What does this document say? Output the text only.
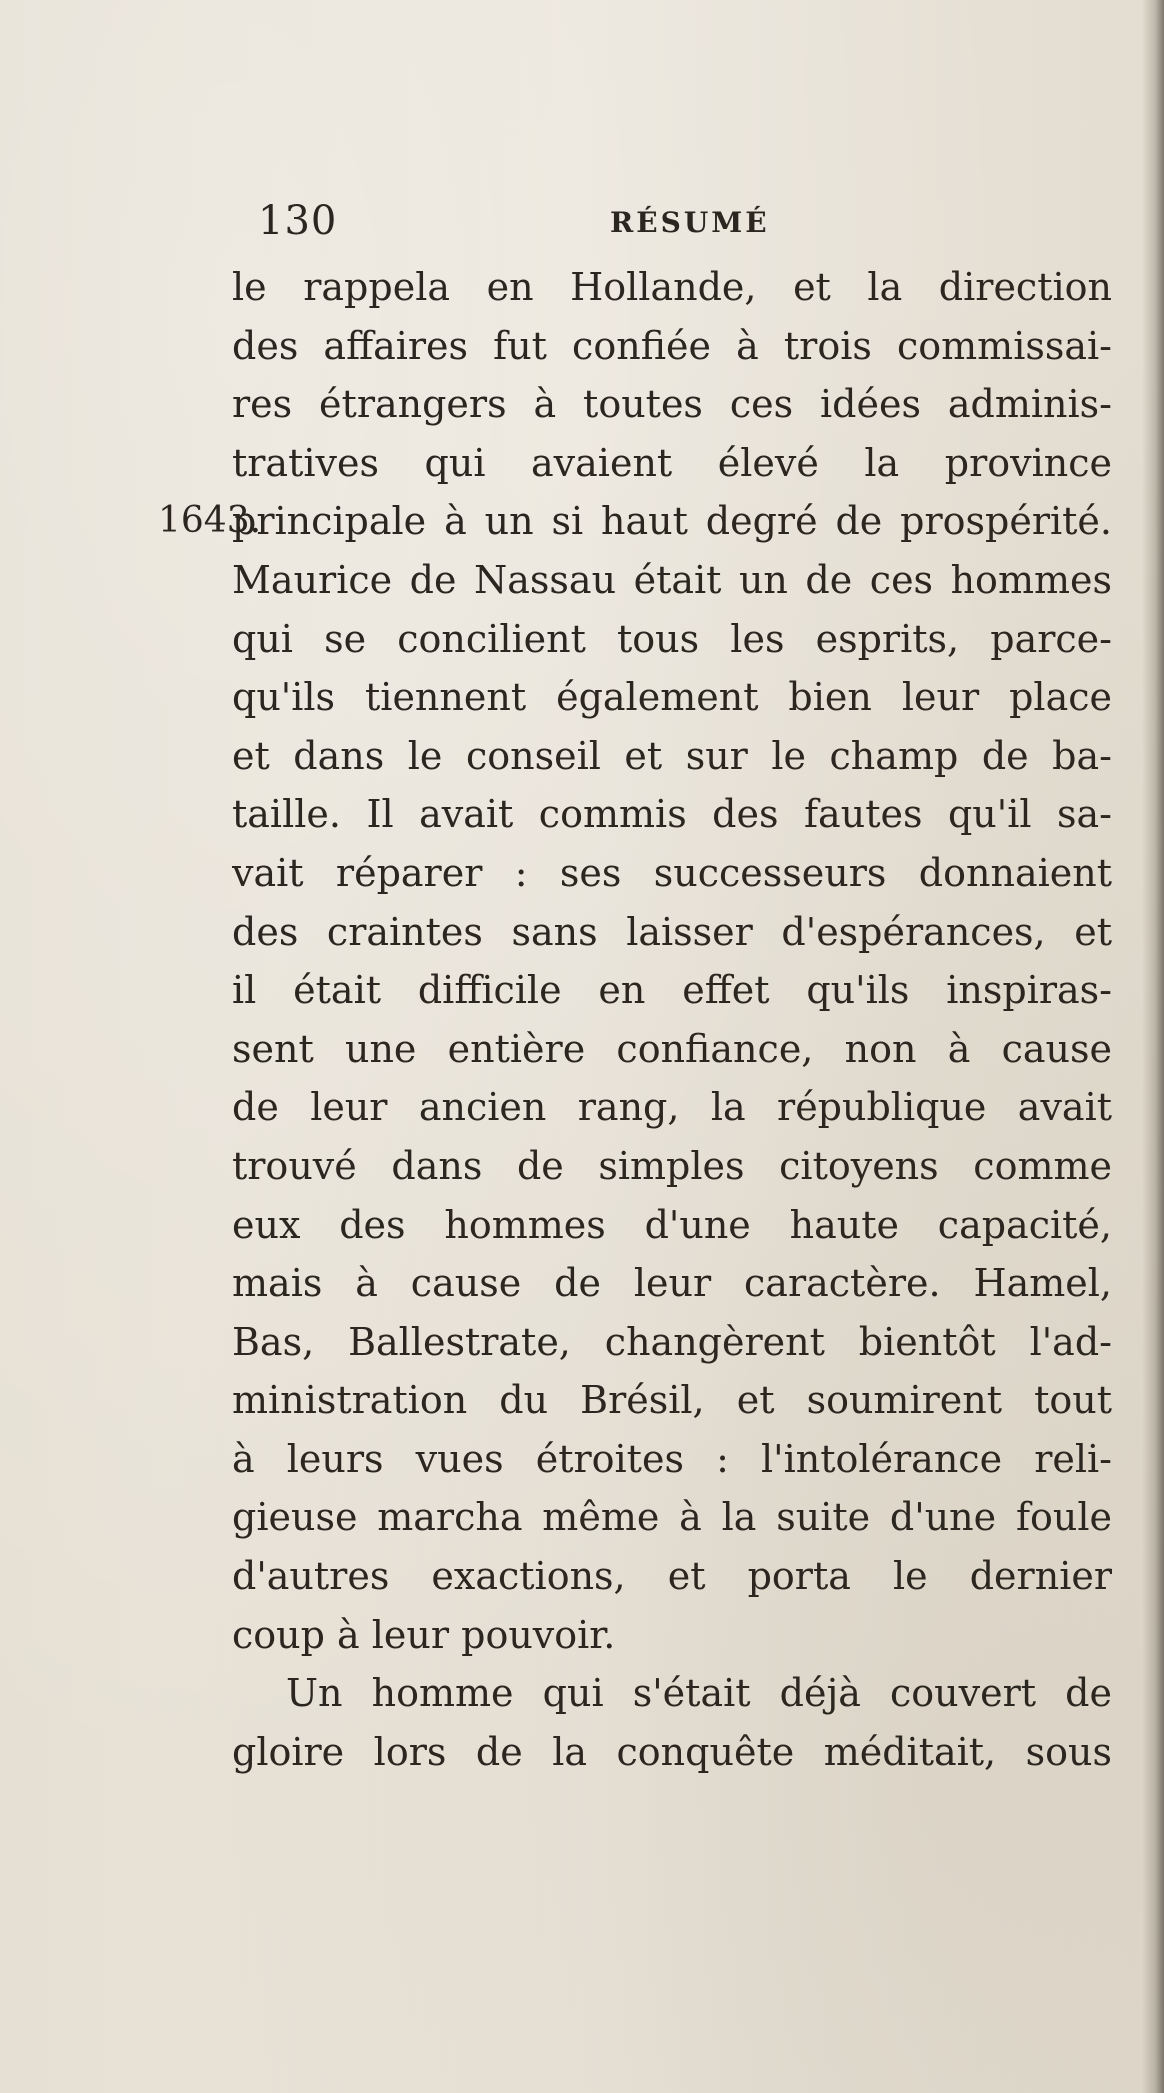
130	RÉSUMÉ
1643.
le rappela en Hollande, et la direction
des affaires fut confiée à trois commissai-
res étrangers à toutes ces idées adminis-
tratives qui avaient élevé la province
principale à un si haut degré de prospérité.
Maurice de Nassau était un de ces hommes
qui se concilient tous les esprits, parce-
qu'ils tiennent également bien leur place
et dans le conseil et sur le champ de ba-
taille. Il avait commis des fautes qu'il sa-
vait réparer : ses successeurs donnaient
des craintes sans laisser d'espérances, et
il était difficile en effet qu'ils inspiras-
sent une entière confiance, non à cause
de leur ancien rang, la république avait
trouvé dans de simples citoyens comme
eux des hommes d'une haute capacité,
mais à cause de leur caractère. Hamel,
Bas, Ballestrate, changèrent bientôt l'ad-
ministration du Brésil, et soumirent tout
à leurs vues étroites : l'intolérance reli-
gieuse marcha même à la suite d'une foule
d'autres exactions, et porta le dernier
coup à leur pouvoir.
Un homme qui s'était déjà couvert de
gloire lors de la conquête méditait, sous
